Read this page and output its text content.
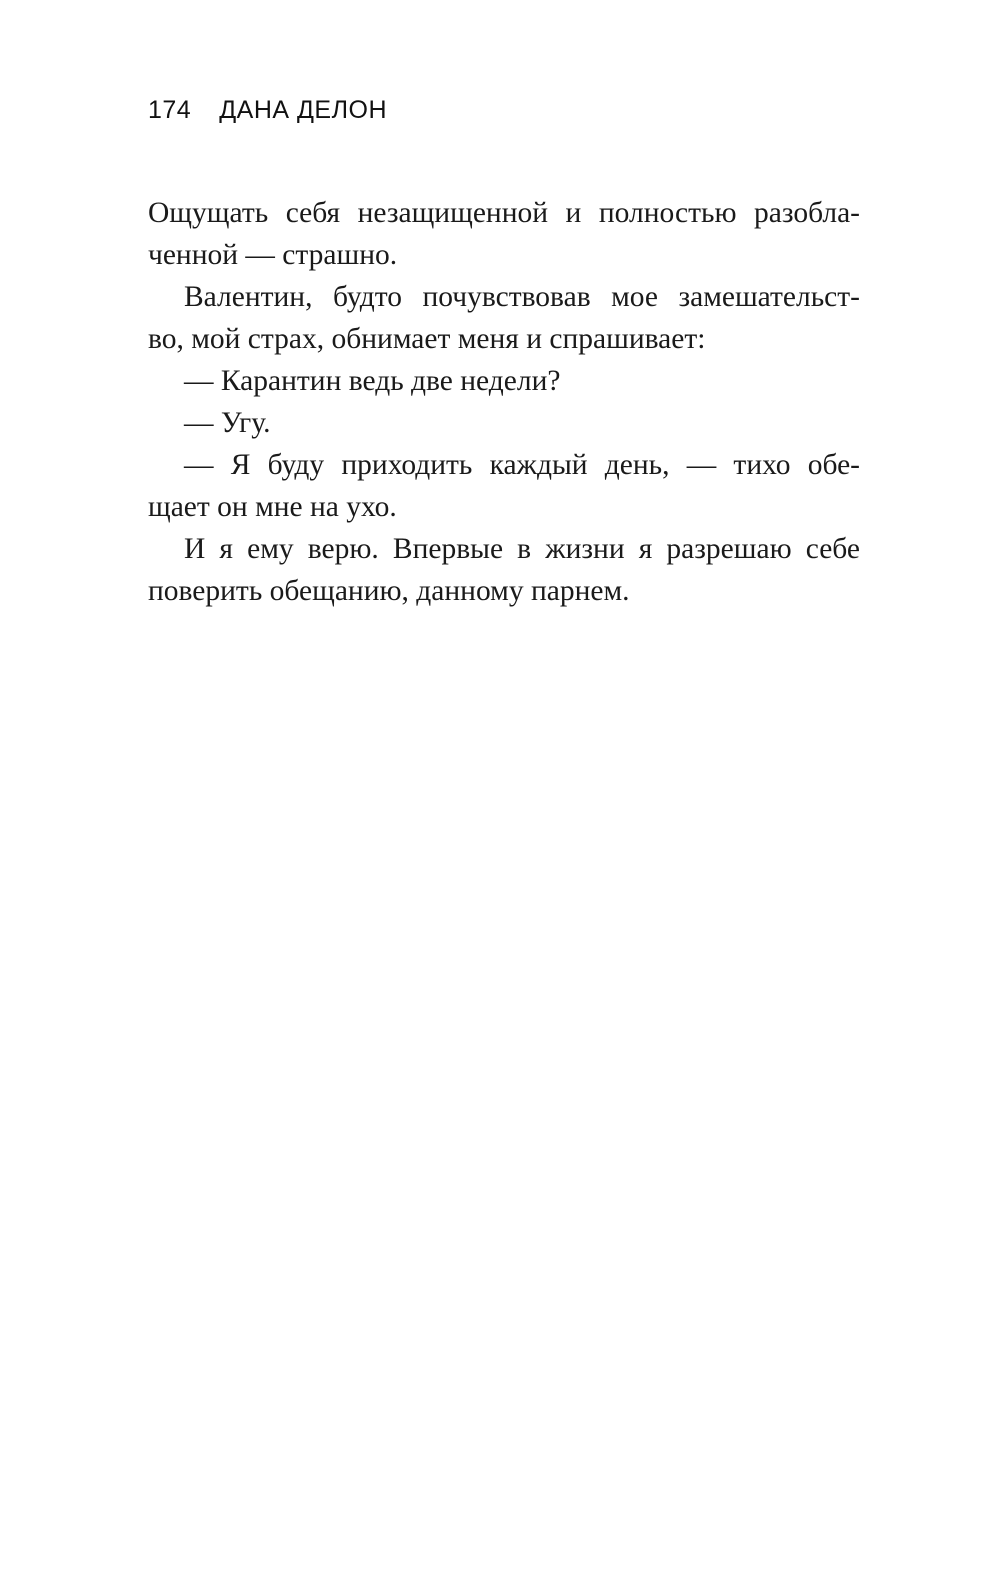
174 ДАНА ДЕЛОН
Ощущать себя незащищенной и полностью разобла-
ченной — страшно.
Валентин, будто почувствовав мое замешательст-
во, мой страх, обнимает меня и спрашивает:
— Карантин ведь две недели?
— Угу.
— Я буду приходить каждый день, — тихо обе-
щает он мне на ухо.
И я ему верю. Впервые в жизни я разрешаю себе
поверить обещанию, данному парнем.
